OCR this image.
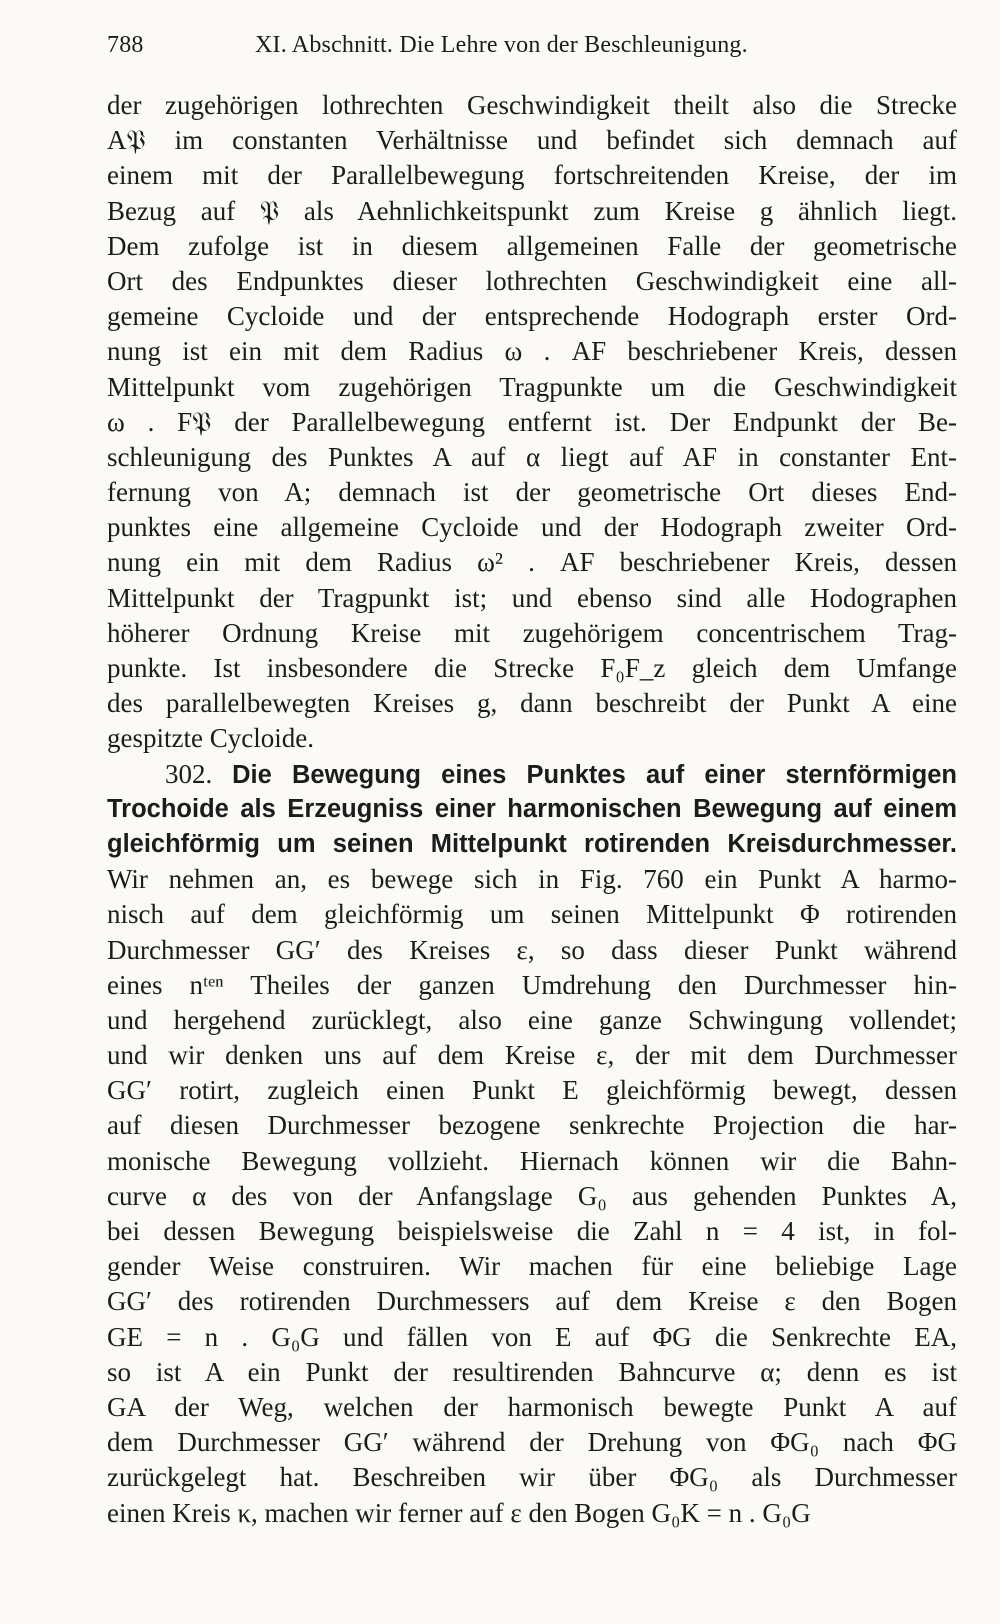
788	XI. Abschnitt. Die Lehre von der Beschleunigung.
der zugehörigen lothrechten Geschwindigkeit theilt also die Strecke
A𝔓 im constanten Verhältnisse und befindet sich demnach auf
einem mit der Parallelbewegung fortschreitenden Kreise, der im
Bezug auf 𝔓 als Aehnlichkeitspunkt zum Kreise g ähnlich liegt.
Dem zufolge ist in diesem allgemeinen Falle der geometrische
Ort des Endpunktes dieser lothrechten Geschwindigkeit eine all-
gemeine Cycloide und der entsprechende Hodograph erster Ord-
nung ist ein mit dem Radius ω . AF beschriebener Kreis, dessen
Mittelpunkt vom zugehörigen Tragpunkte um die Geschwindigkeit
ω . F𝔓 der Parallelbewegung entfernt ist. Der Endpunkt der Be-
schleunigung des Punktes A auf α liegt auf AF in constanter Ent-
fernung von A; demnach ist der geometrische Ort dieses End-
punktes eine allgemeine Cycloide und der Hodograph zweiter Ord-
nung ein mit dem Radius ω² . AF beschriebener Kreis, dessen
Mittelpunkt der Tragpunkt ist; und ebenso sind alle Hodographen
höherer Ordnung Kreise mit zugehörigem concentrischem Trag-
punkte. Ist insbesondere die Strecke F₀F_z gleich dem Umfange
des parallelbewegten Kreises g, dann beschreibt der Punkt A eine
gespitzte Cycloide.
302. Die Bewegung eines Punktes auf einer sternförmigen
Trochoide als Erzeugniss einer harmonischen Bewegung auf einem
gleichförmig um seinen Mittelpunkt rotirenden Kreisdurchmesser.
Wir nehmen an, es bewege sich in Fig. 760 ein Punkt A harmo-
nisch auf dem gleichförmig um seinen Mittelpunkt Φ rotirenden
Durchmesser GG′ des Kreises ε, so dass dieser Punkt während
eines nᵗᵉⁿ Theiles der ganzen Umdrehung den Durchmesser hin-
und hergehend zurücklegt, also eine ganze Schwingung vollendet;
und wir denken uns auf dem Kreise ε, der mit dem Durchmesser
GG′ rotirt, zugleich einen Punkt E gleichförmig bewegt, dessen
auf diesen Durchmesser bezogene senkrechte Projection die har-
monische Bewegung vollzieht. Hiernach können wir die Bahn-
curve α des von der Anfangslage G₀ aus gehenden Punktes A,
bei dessen Bewegung beispielsweise die Zahl n = 4 ist, in fol-
gender Weise construiren. Wir machen für eine beliebige Lage
GG′ des rotirenden Durchmessers auf dem Kreise ε den Bogen
GE = n . G₀G und fällen von E auf ΦG die Senkrechte EA,
so ist A ein Punkt der resultirenden Bahncurve α; denn es ist
GA der Weg, welchen der harmonisch bewegte Punkt A auf
dem Durchmesser GG′ während der Drehung von ΦG₀ nach ΦG
zurückgelegt hat. Beschreiben wir über ΦG₀ als Durchmesser
einen Kreis κ, machen wir ferner auf ε den Bogen G₀K = n . G₀G
